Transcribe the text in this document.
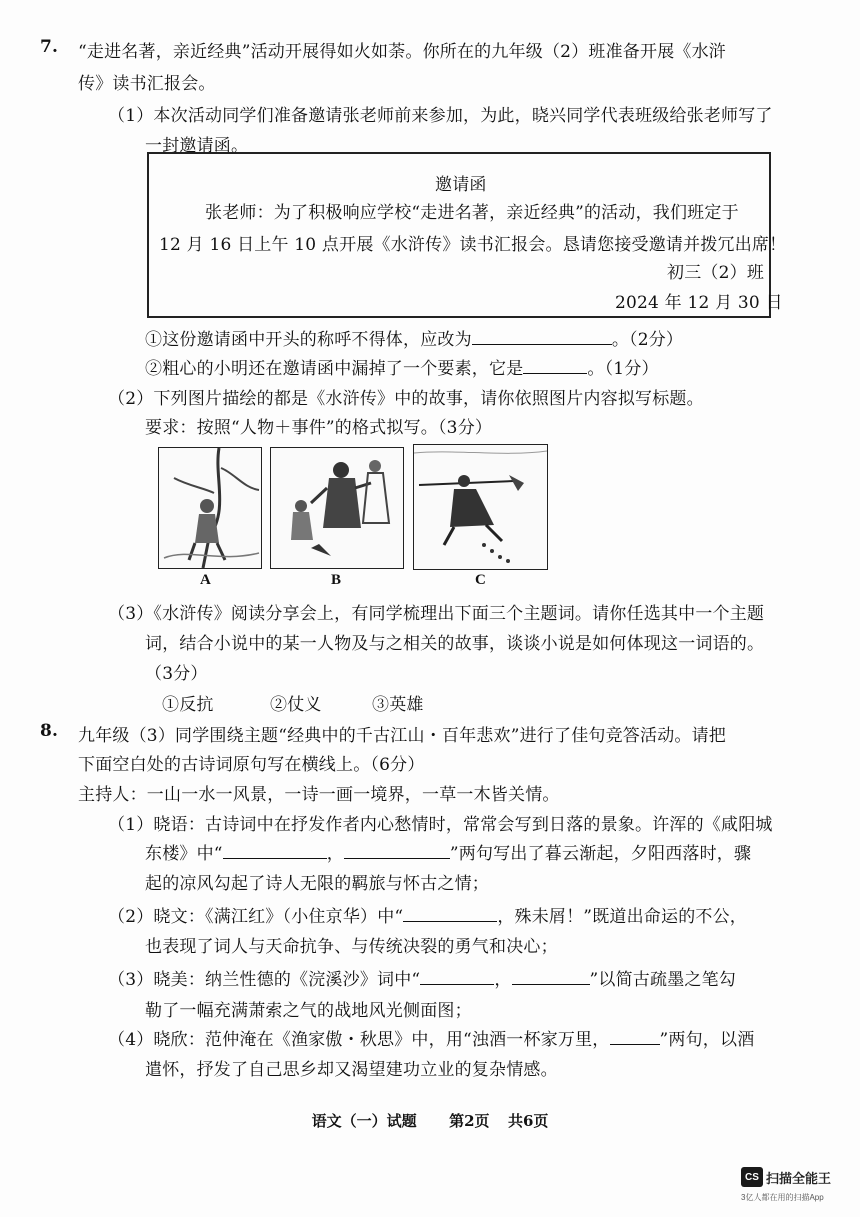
7. “走进名著，亲近经典”活动开展得如火如荼。你所在的九年级（2）班准备开展《水浒
传》读书汇报会。
（1）本次活动同学们准备邀请张老师前来参加，为此，晓兴同学代表班级给张老师写了
一封邀请函。
邀请函
张老师：为了积极响应学校“走进名著，亲近经典”的活动，我们班定于
12 月 16 日上午 10 点开展《水浒传》读书汇报会。恳请您接受邀请并拨冗出席！
初三（2）班
2024 年 12 月 30 日
①这份邀请函中开头的称呼不得体，应改为	。（2分）
②粗心的小明还在邀请函中漏掉了一个要素，它是	。（1分）
（2）下列图片描绘的都是《水浒传》中的故事，请你依照图片内容拟写标题。
要求：按照“人物＋事件”的格式拟写。（3分）
A	B	C
（3）《水浒传》阅读分享会上，有同学梳理出下面三个主题词。请你任选其中一个主题
词，结合小说中的某一人物及与之相关的故事，谈谈小说是如何体现这一词语的。
（3分）
①反抗	②仗义	③英雄
8. 九年级（3）同学围绕主题“经典中的千古江山・百年悲欢”进行了佳句竞答活动。请把
下面空白处的古诗词原句写在横线上。（6分）
主持人：一山一水一风景，一诗一画一境界，一草一木皆关情。
（1）晓语：古诗词中在抒发作者内心愁情时，常常会写到日落的景象。许浑的《咸阳城
东楼》中“	，	”两句写出了暮云渐起，夕阳西落时，骤
起的凉风勾起了诗人无限的羁旅与怀古之情；
（2）晓文：《满江红》（小住京华）中“	，殊未屑！”既道出命运的不公，
也表现了词人与天命抗争、与传统决裂的勇气和决心；
（3）晓美：纳兰性德的《浣溪沙》词中“	，	”以简古疏墨之笔勾
勒了一幅充满萧索之气的战地风光侧面图；
（4）晓欣：范仲淹在《渔家傲・秋思》中，用“浊酒一杯家万里，	”两句，以酒
遣怀，抒发了自己思乡却又渴望建功立业的复杂情感。
语文（一）试题 第2页 共6页
CS 扫描全能王
3亿人都在用的扫描App
